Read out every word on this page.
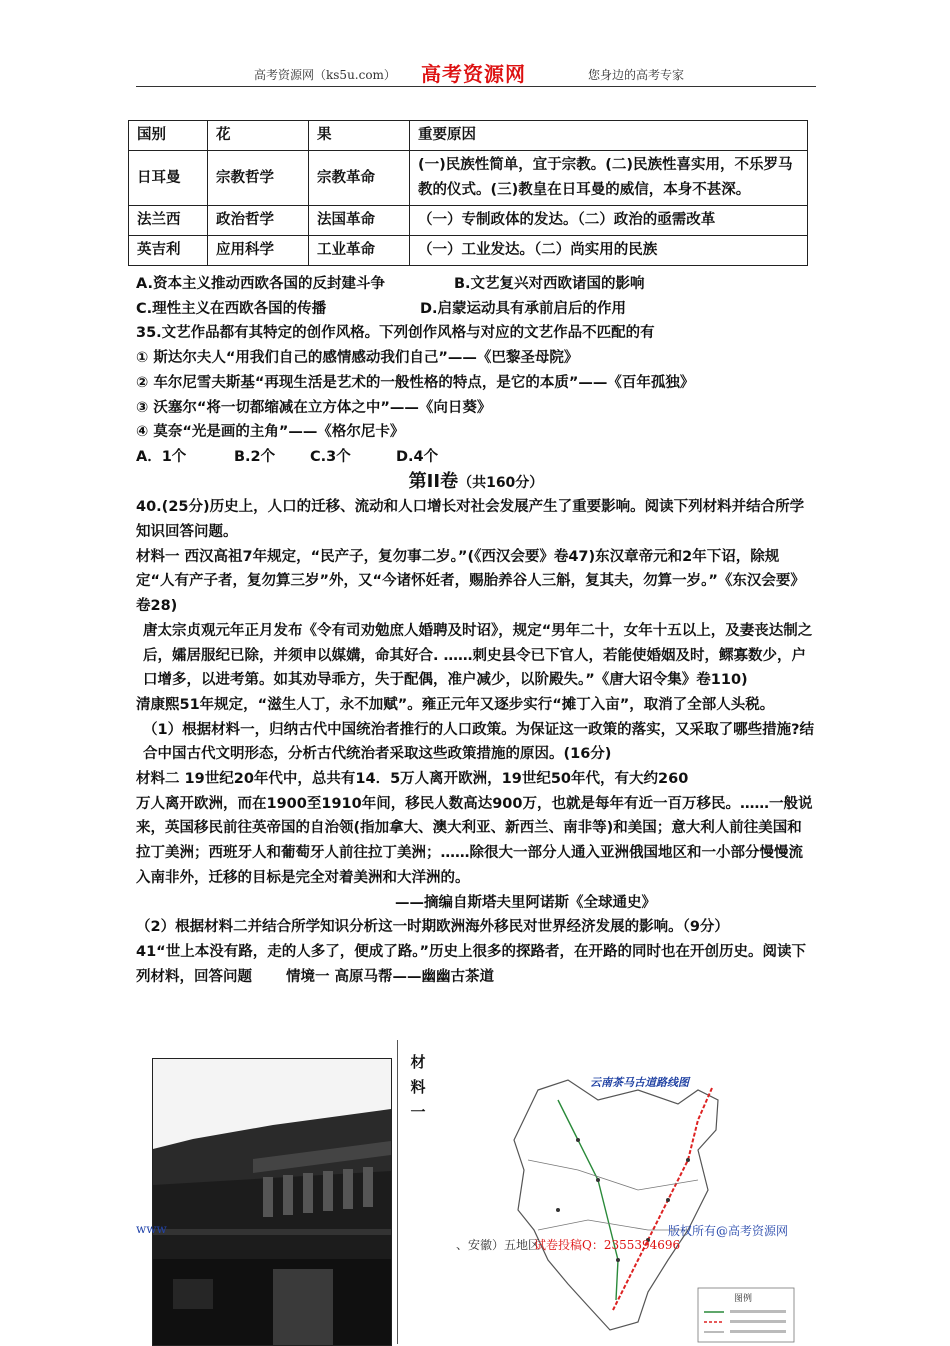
高考资源网（ks5u.com） 高考资源网	您身边的高考专家
国别	花	果	重要原因
日耳曼	宗教哲学	宗教革命	(一)民族性简单，宜于宗教。(二)民族性喜实用，不乐罗马教的仪式。(三)教皇在日耳曼的威信，本身不甚深。
法兰西	政治哲学	法国革命	（一）专制政体的发达。（二）政治的亟需改革
英吉利	应用科学	工业革命	（一）工业发达。（二）尚实用的民族

A.资本主义推动西欧各国的反封建斗争	B.文艺复兴对西欧诸国的影响

C.理性主义在西欧各国的传播	D.启蒙运动具有承前启后的作用

35.文艺作品都有其特定的创作风格。下列创作风格与对应的文艺作品不匹配的有

① 斯达尔夫人“用我们自己的感情感动我们自己”——《巴黎圣母院》

② 车尔尼雪夫斯基“再现生活是艺术的一般性格的特点，是它的本质”——《百年孤独》

③ 沃塞尔“将一切都缩减在立方体之中”——《向日葵》

④ 莫奈“光是画的主角”——《格尔尼卡》

A．1个	B.2个 C.3个	D.4个

第II卷（共160分）

40.(25分)历史上，人口的迁移、流动和人口增长对社会发展产生了重要影响。阅读下列材料并结合所学知识回答问题。

材料一 西汉高祖7年规定，“民产子，复勿事二岁。”(《西汉会要》卷47)东汉章帝元和2年下诏，除规定“人有产子者，复勿算三岁”外，又“今诸怀妊者，赐胎养谷人三斛，复其夫，勿算一岁。”《东汉会要》卷28)

唐太宗贞观元年正月发布《令有司劝勉庶人婚聘及时诏》，规定“男年二十，女年十五以上，及妻丧达制之后，孀居服纪已除，并须申以媒媾，命其好合. ……刺史县令已下官人，若能使婚姻及时，鳏寡数少，户口增多，以进考第。如其劝导乖方，失于配偶，准户减少，以阶殿失。”《唐大诏令集》卷110)

清康熙51年规定，“滋生人丁，永不加赋”。雍正元年又逐步实行“摊丁入亩”，取消了全部人头税。

（1）根据材料一，归纳古代中国统治者推行的人口政策。为保证这一政策的落实，又采取了哪些措施?结合中国古代文明形态，分析古代统治者采取这些政策措施的原因。(16分)

材料二 19世纪20年代中，总共有14．5万人离开欧洲，19世纪50年代，有大约260

万人离开欧洲，而在1900至1910年间，移民人数高达900万，也就是每年有近一百万移民。……一般说来，英国移民前往英帝国的自治领(指加拿大、澳大利亚、新西兰、南非等)和美国；意大利人前往美国和拉丁美洲；西班牙人和葡萄牙人前往拉丁美洲；……除很大一部分人通入亚洲俄国地区和一小部分慢慢流入南非外，迁移的目标是完全对着美洲和大洋洲的。

——摘编自斯塔夫里阿诺斯《全球通史》

（2）根据材料二并结合所学知识分析这一时期欧洲海外移民对世界经济发展的影响。（9分）

41“世上本没有路，走的人多了，便成了路。”历史上很多的探路者，在开路的同时也在开创历史。阅读下列材料，回答问题 情境一 高原马帮——幽幽古茶道

材
料
一
云南茶马古道路线图
图例
www
、安徽）五地区
试卷投稿Q：2355394696
版权所有@高考资源网
